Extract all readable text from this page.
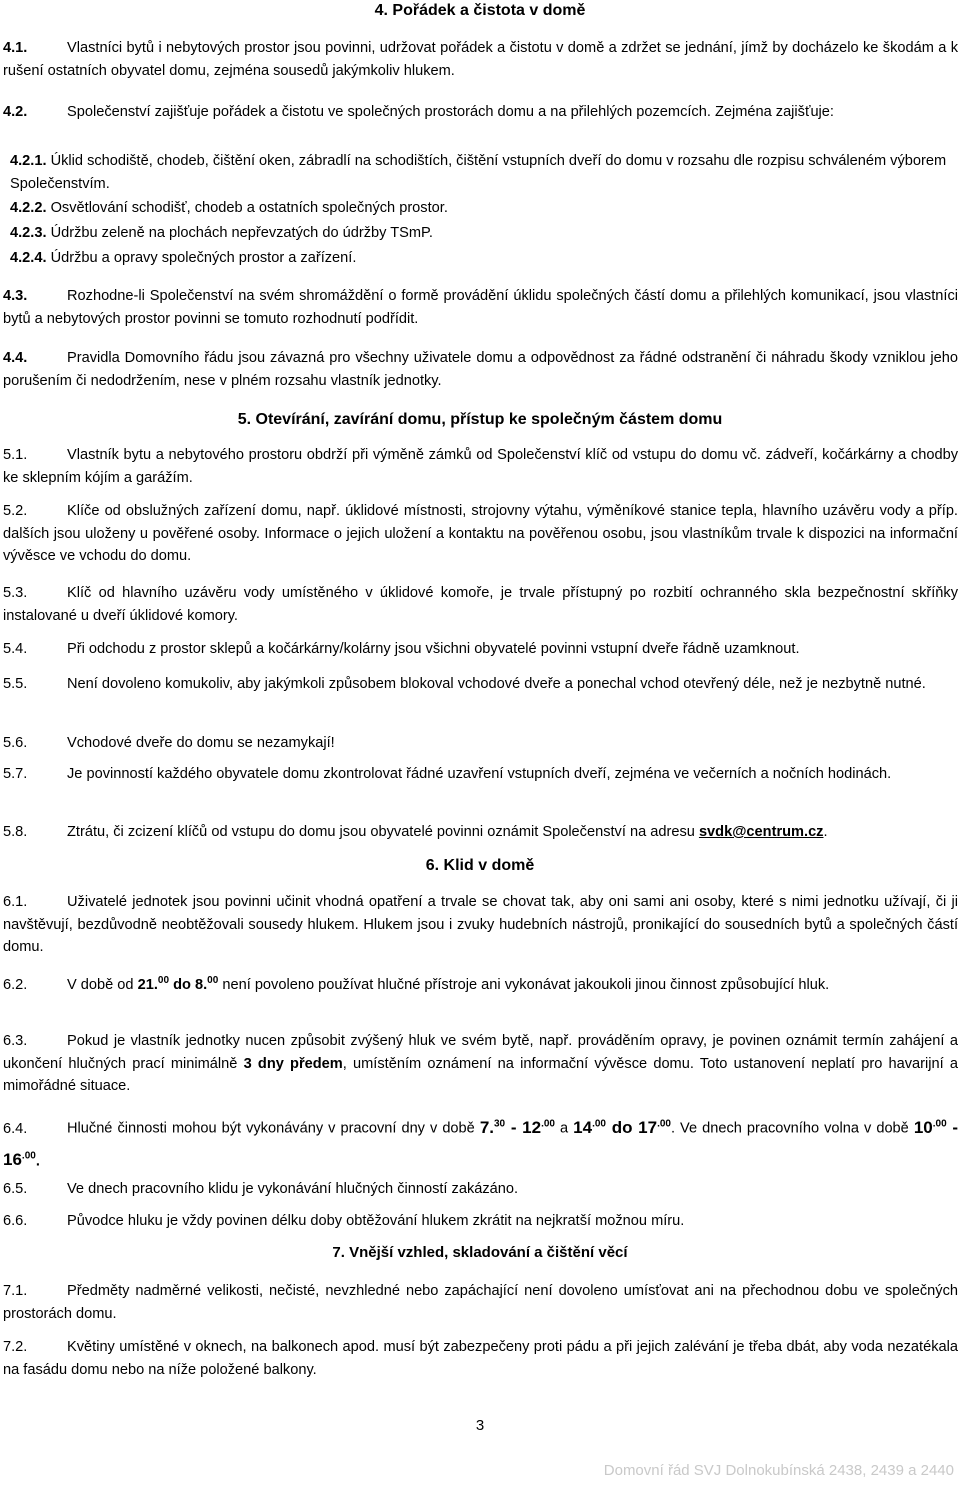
4. Pořádek a čistota v domě
4.1.	Vlastníci bytů i nebytových prostor jsou povinni, udržovat pořádek a čistotu v domě a zdržet se jednání, jímž by docházelo ke škodám a k rušení ostatních obyvatel domu, zejména sousedů jakýmkoliv hlukem.
4.2.	Společenství zajišťuje pořádek a čistotu ve společných prostorách domu a na přilehlých pozemcích. Zejména zajišťuje:
4.2.1. Úklid schodiště, chodeb, čištění oken, zábradlí na schodištích, čištění vstupních dveří do domu v rozsahu dle rozpisu schváleném výborem Společenstvím.
4.2.2. Osvětlování schodišť, chodeb a ostatních společných prostor.
4.2.3. Údržbu zeleně na plochách nepřevzatých do údržby TSmP.
4.2.4. Údržbu a opravy společných prostor a zařízení.
4.3.	Rozhodne-li Společenství na svém shromáždění o formě provádění úklidu společných částí domu a přilehlých komunikací, jsou vlastníci bytů a nebytových prostor povinni se tomuto rozhodnutí podřídit.
4.4.	Pravidla Domovního řádu jsou závazná pro všechny uživatele domu a odpovědnost za řádné odstranění či náhradu škody vzniklou jeho porušením či nedodržením, nese v plném rozsahu vlastník jednotky.
5. Otevírání, zavírání domu, přístup ke společným částem domu
5.1.	Vlastník bytu a nebytového prostoru obdrží při výměně zámků od Společenství klíč od vstupu do domu vč. zádveří, kočárkárny a chodby ke sklepním kójím a garážím.
5.2.	Klíče od obslužných zařízení domu, např. úklidové místnosti, strojovny výtahu, výměníkové stanice tepla, hlavního uzávěru vody a příp. dalších jsou uloženy u pověřené osoby. Informace o jejich uložení a kontaktu na pověřenou osobu, jsou vlastníkům trvale k dispozici na informační vývěsce ve vchodu do domu.
5.3.	Klíč od hlavního uzávěru vody umístěného v úklidové komoře, je trvale přístupný po rozbití ochranného skla bezpečnostní skříňky instalované u dveří úklidové komory.
5.4.	Při odchodu z prostor sklepů a kočárkárny/kolárny jsou všichni obyvatelé povinni vstupní dveře řádně uzamknout.
5.5.	Není dovoleno komukoliv, aby jakýmkoli způsobem blokoval vchodové dveře a ponechal vchod otevřený déle, než je nezbytně nutné.
5.6.	Vchodové dveře do domu se nezamykají!
5.7.	Je povinností každého obyvatele domu zkontrolovat řádné uzavření vstupních dveří, zejména ve večerních a nočních hodinách.
5.8.	Ztrátu, či zcizení klíčů od vstupu do domu jsou obyvatelé povinni oznámit Společenství na adresu svdk@centrum.cz.
6. Klid v domě
6.1.	Uživatelé jednotek jsou povinni učinit vhodná opatření a trvale se chovat tak, aby oni sami ani osoby, které s nimi jednotku užívají, či ji navštěvují, bezdůvodně neobtěžovali sousedy hlukem. Hlukem jsou i zvuky hudebních nástrojů, pronikající do sousedních bytů a společných částí domu.
6.2.	V době od 21.00 do 8.00 není povoleno používat hlučné přístroje ani vykonávat jakoukoli jinou činnost způsobující hluk.
6.3.	Pokud je vlastník jednotky nucen způsobit zvýšený hluk ve svém bytě, např. prováděním opravy, je povinen oznámit termín zahájení a ukončení hlučných prací minimálně 3 dny předem, umístěním oznámení na informační vývěsce domu. Toto ustanovení neplatí pro havarijní a mimořádné situace.
6.4.	Hlučné činnosti mohou být vykonávány v pracovní dny v době $7.30 - 12^{.00}$ a $14^{.00}$ do $17^{.00}$. Ve dnech pracovního volna v době $10^{.00} - 16^{.00}$.
6.5.	Ve dnech pracovního klidu je vykonávání hlučných činností zakázáno.
6.6.	Původce hluku je vždy povinen délku doby obtěžování hlukem zkrátit na nejkratší možnou míru.
7. Vnější vzhled, skladování a čištění věcí
7.1.	Předměty nadměrné velikosti, nečisté, nevzhledné nebo zapáchající není dovoleno umísťovat ani na přechodnou dobu ve společných prostorách domu.
7.2.	Květiny umístěné v oknech, na balkonech apod. musí být zabezpečeny proti pádu a při jejich zalévání je třeba dbát, aby voda nezatékala na fasádu domu nebo na níže položené balkony.
3
Domovní řád SVJ Dolnokubínská 2438, 2439 a 2440
